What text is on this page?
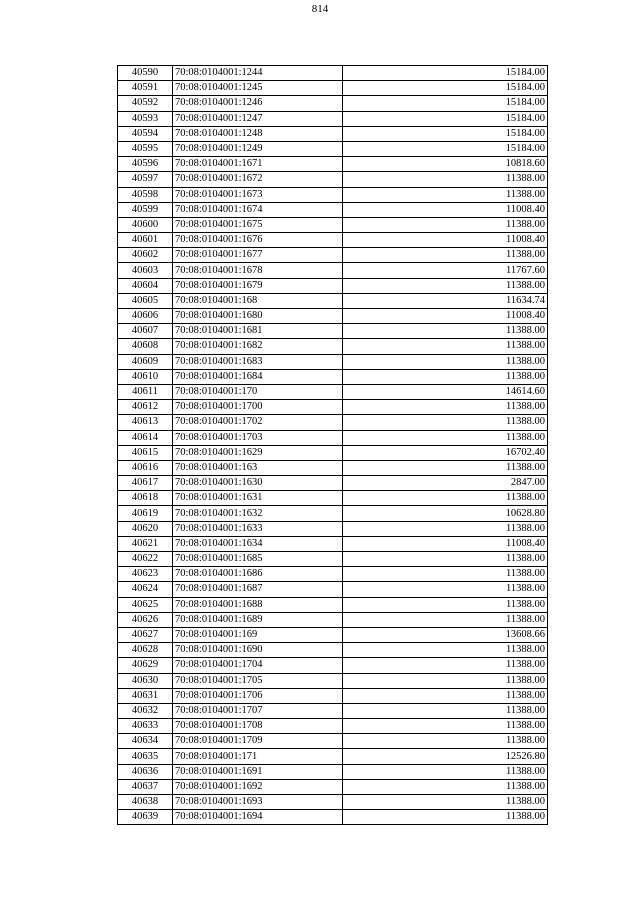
814
40590	70:08:0104001:1244	15184.00
40591	70:08:0104001:1245	15184.00
40592	70:08:0104001:1246	15184.00
40593	70:08:0104001:1247	15184.00
40594	70:08:0104001:1248	15184.00
40595	70:08:0104001:1249	15184.00
40596	70:08:0104001:1671	10818.60
40597	70:08:0104001:1672	11388.00
40598	70:08:0104001:1673	11388.00
40599	70:08:0104001:1674	11008.40
40600	70:08:0104001:1675	11388.00
40601	70:08:0104001:1676	11008.40
40602	70:08:0104001:1677	11388.00
40603	70:08:0104001:1678	11767.60
40604	70:08:0104001:1679	11388.00
40605	70:08:0104001:168	11634.74
40606	70:08:0104001:1680	11008.40
40607	70:08:0104001:1681	11388.00
40608	70:08:0104001:1682	11388.00
40609	70:08:0104001:1683	11388.00
40610	70:08:0104001:1684	11388.00
40611	70:08:0104001:170	14614.60
40612	70:08:0104001:1700	11388.00
40613	70:08:0104001:1702	11388.00
40614	70:08:0104001:1703	11388.00
40615	70:08:0104001:1629	16702.40
40616	70:08:0104001:163	11388.00
40617	70:08:0104001:1630	2847.00
40618	70:08:0104001:1631	11388.00
40619	70:08:0104001:1632	10628.80
40620	70:08:0104001:1633	11388.00
40621	70:08:0104001:1634	11008.40
40622	70:08:0104001:1685	11388.00
40623	70:08:0104001:1686	11388.00
40624	70:08:0104001:1687	11388.00
40625	70:08:0104001:1688	11388.00
40626	70:08:0104001:1689	11388.00
40627	70:08:0104001:169	13608.66
40628	70:08:0104001:1690	11388.00
40629	70:08:0104001:1704	11388.00
40630	70:08:0104001:1705	11388.00
40631	70:08:0104001:1706	11388.00
40632	70:08:0104001:1707	11388.00
40633	70:08:0104001:1708	11388.00
40634	70:08:0104001:1709	11388.00
40635	70:08:0104001:171	12526.80
40636	70:08:0104001:1691	11388.00
40637	70:08:0104001:1692	11388.00
40638	70:08:0104001:1693	11388.00
40639	70:08:0104001:1694	11388.00
